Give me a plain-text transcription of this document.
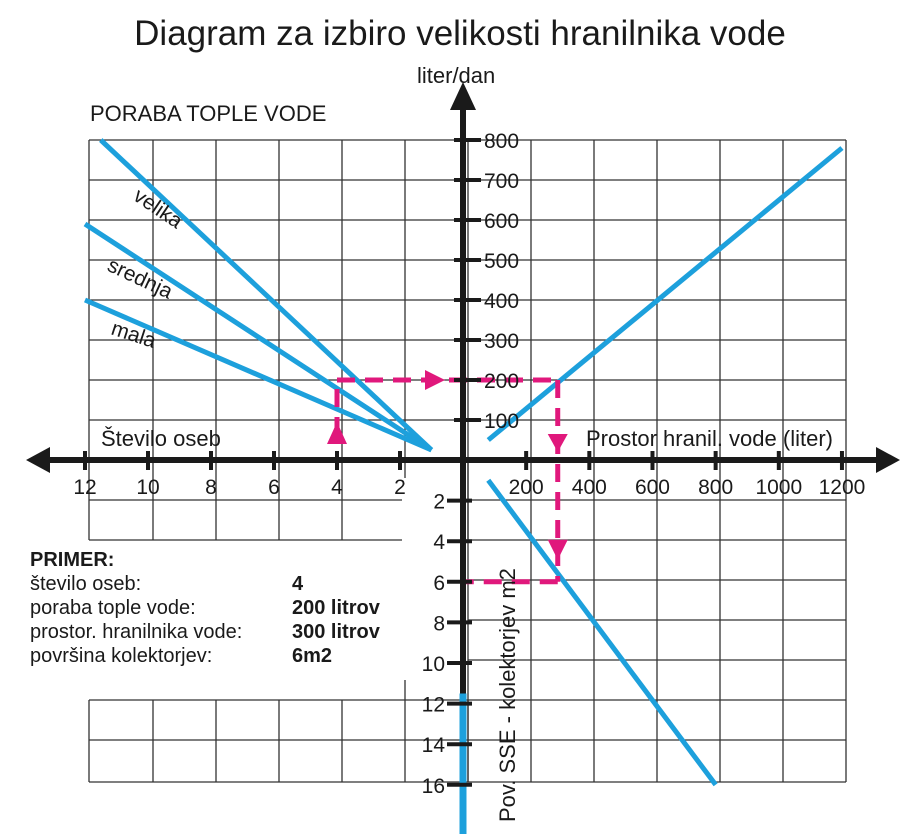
Diagram za izbiro velikosti hranilnika vode
100
200
300
400
500
600
700
800
12 10 8 6 4 2	200 400 600 800 1000 1200
2
4
6
8
10
12
14
16
PORABA TOPLE VODE
Število oseb	Prostor hranil. vode (liter)
liter/dan
Pov. SSE - kolektorjev m2
velika
srednja
mala
PRIMER:
število oseb:	4
poraba tople vode:	200 litrov
prostor. hranilnika vode:	300 litrov
površina kolektorjev:	6m2
